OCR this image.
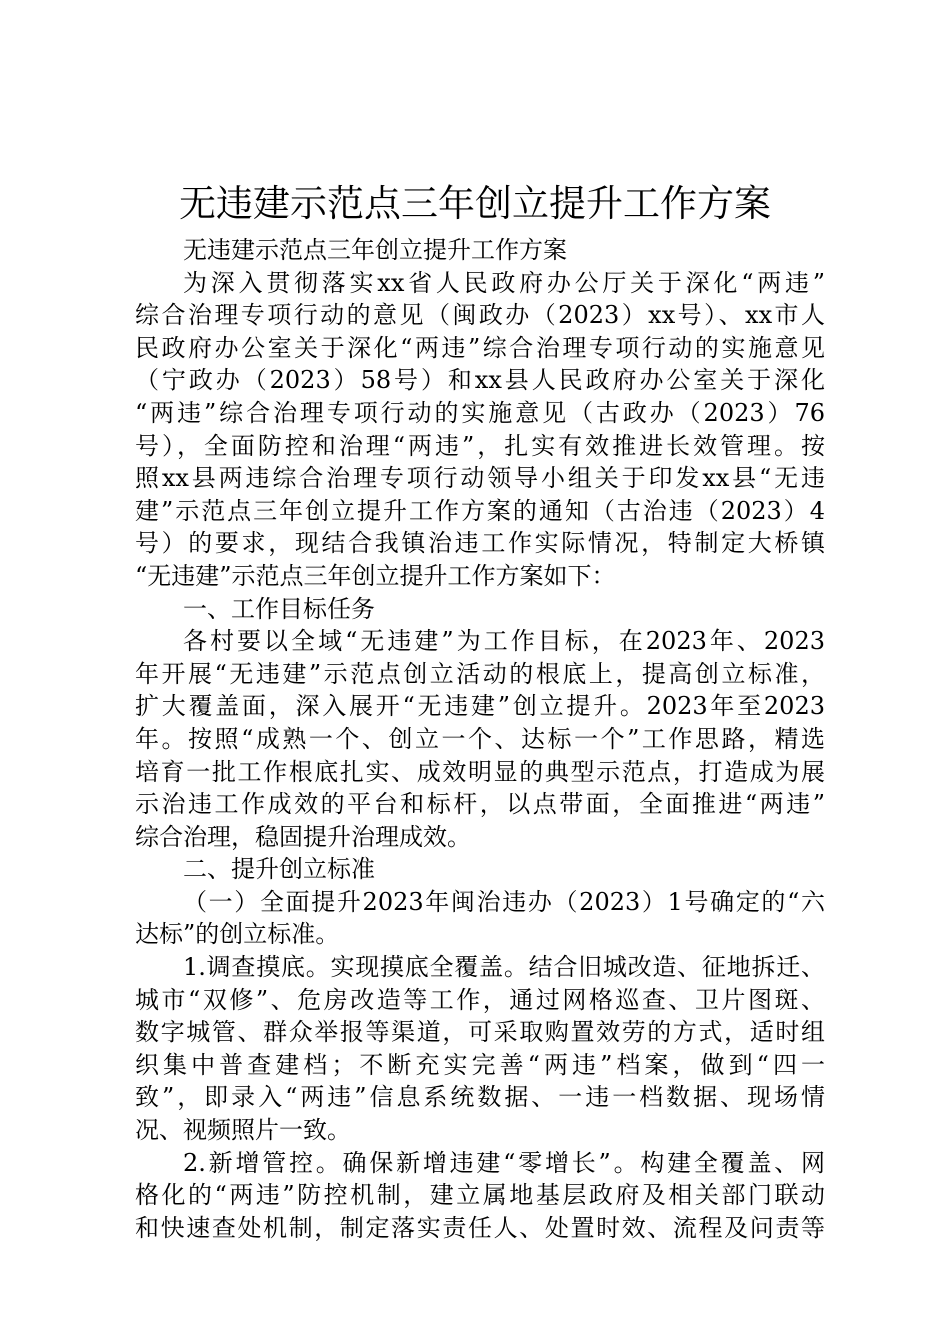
无违建示范点三年创立提升工作方案
无违建示范点三年创立提升工作方案
为深入贯彻落实xx省人民政府办公厅关于深化“两违”
综合治理专项行动的意见（闽政办（2023）xx号）、xx市人
民政府办公室关于深化“两违”综合治理专项行动的实施意见
（宁政办（2023）58号）和xx县人民政府办公室关于深化
“两违”综合治理专项行动的实施意见（古政办（2023）76
号），全面防控和治理“两违”，扎实有效推进长效管理。按
照xx县两违综合治理专项行动领导小组关于印发xx县“无违
建”示范点三年创立提升工作方案的通知（古治违（2023）4
号）的要求，现结合我镇治违工作实际情况，特制定大桥镇
“无违建”示范点三年创立提升工作方案如下：
一、工作目标任务
各村要以全域“无违建”为工作目标，在2023年、2023
年开展“无违建”示范点创立活动的根底上，提高创立标准，
扩大覆盖面，深入展开“无违建”创立提升。2023年至2023
年。按照“成熟一个、创立一个、达标一个”工作思路，精选
培育一批工作根底扎实、成效明显的典型示范点，打造成为展
示治违工作成效的平台和标杆，以点带面，全面推进“两违”
综合治理，稳固提升治理成效。
二、提升创立标准
（一）全面提升2023年闽治违办（2023）1号确定的“六
达标”的创立标准。
1.调查摸底。实现摸底全覆盖。结合旧城改造、征地拆迁、
城市“双修”、危房改造等工作，通过网格巡查、卫片图斑、
数字城管、群众举报等渠道，可采取购置效劳的方式，适时组
织集中普查建档；不断充实完善“两违”档案，做到“四一
致”，即录入“两违”信息系统数据、一违一档数据、现场情
况、视频照片一致。
2.新增管控。确保新增违建“零增长”。构建全覆盖、网
格化的“两违”防控机制，建立属地基层政府及相关部门联动
和快速查处机制，制定落实责任人、处置时效、流程及问责等
